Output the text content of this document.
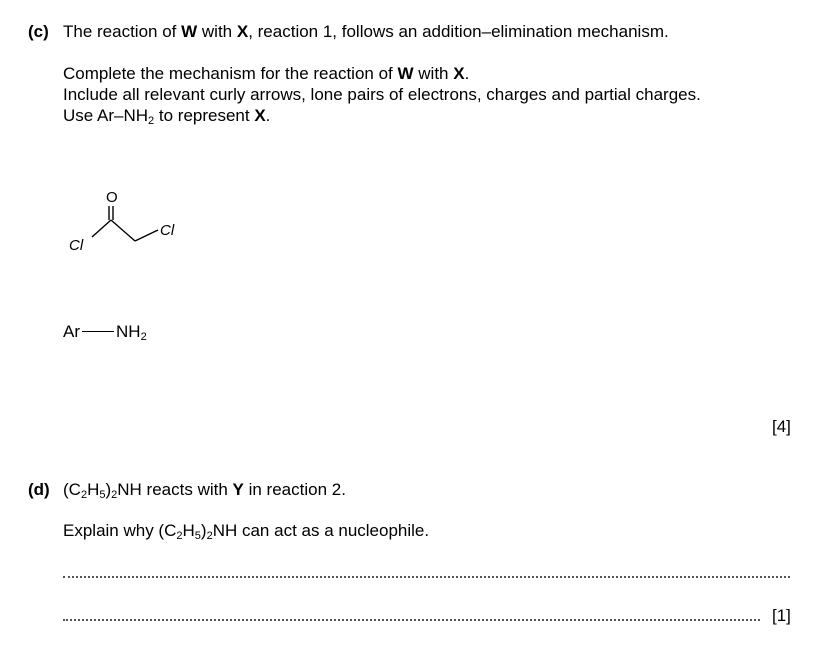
(c) The reaction of W with X, reaction 1, follows an addition–elimination mechanism.
Complete the mechanism for the reaction of W with X.
Include all relevant curly arrows, lone pairs of electrons, charges and partial charges.
Use $Ar-NH_2$ to represent X.
O
Cl
Cl
Ar $NH_2$
[4]
(d) $(C_2H_5)_2NH$ reacts with Y in reaction 2.
Explain why $(C_2H_5)_2NH$ can act as a nucleophile.
[1]
